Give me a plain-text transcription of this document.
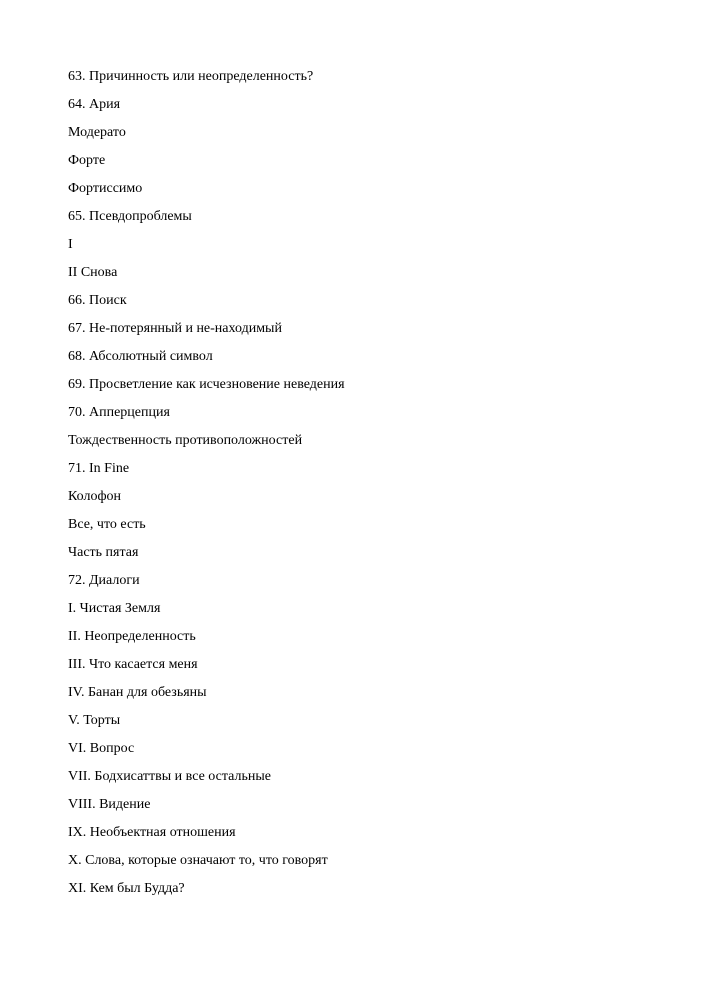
63. Причинность или неопределенность?
64. Ария
Модерато
Форте
Фортиссимо
65. Псевдопроблемы
I
II Снова
66. Поиск
67. Не-потерянный и не-находимый
68. Абсолютный символ
69. Просветление как исчезновение неведения
70. Апперцепция
Тождественность противоположностей
71. In Fine
Колофон
Все, что есть
Часть пятая
72. Диалоги
I. Чистая Земля
II. Неопределенность
III. Что касается меня
IV. Банан для обезьяны
V. Торты
VI. Вопрос
VII. Бодхисаттвы и все остальные
VIII. Видение
IX. Необъектная отношения
X. Слова, которые означают то, что говорят
XI. Кем был Будда?
